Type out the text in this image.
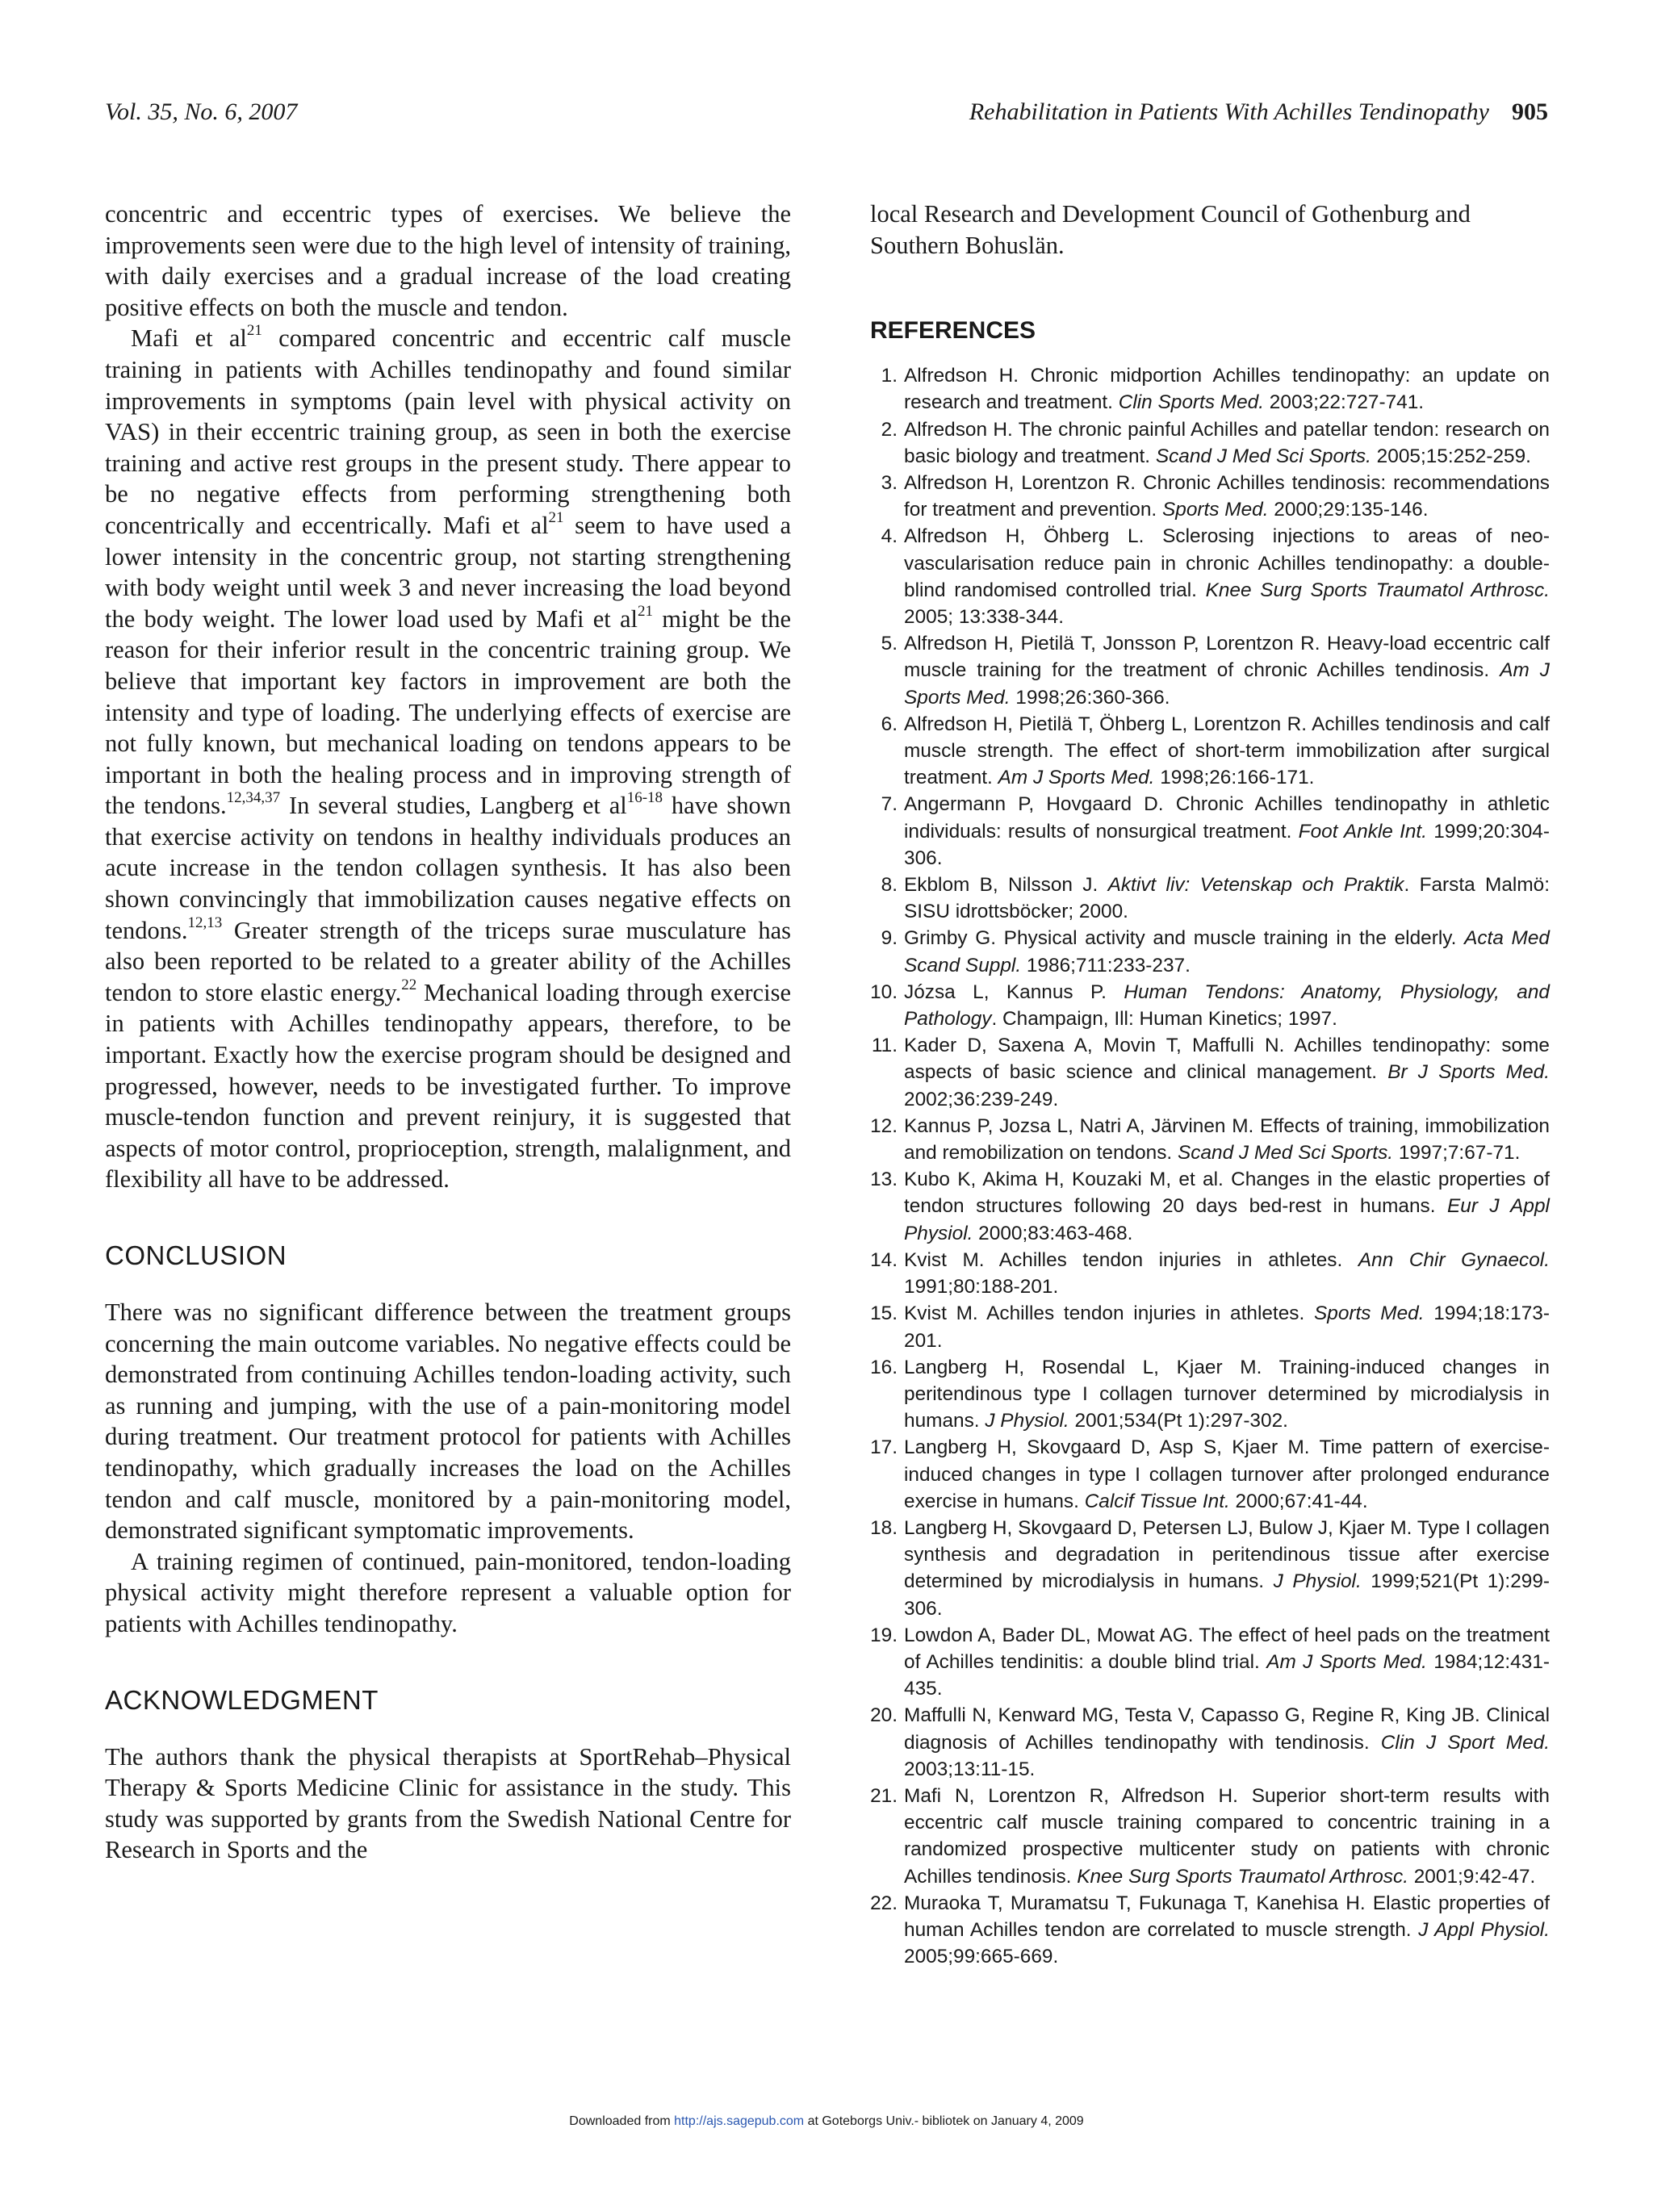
Vol. 35, No. 6, 2007	Rehabilitation in Patients With Achilles Tendinopathy 905

concentric and eccentric types of exercises. We believe the improvements seen were due to the high level of intensity of training, with daily exercises and a gradual increase of the load creating positive effects on both the muscle and tendon.

Mafi et $al^{21}$ compared concentric and eccentric calf muscle training in patients with Achilles tendinopathy and found similar improvements in symptoms (pain level with physical activity on VAS) in their eccentric training group, as seen in both the exercise training and active rest groups in the present study. There appear to be no negative effects from performing strengthening both concentrically and eccentrically. Mafi et $al^{21}$ seem to have used a lower intensity in the concentric group, not starting strengthening with body weight until week 3 and never increasing the load beyond the body weight. The lower load used by Mafi et $al^{21}$ might be the reason for their inferior result in the concentric training group. We believe that important key factors in improvement are both the intensity and type of loading. The underlying effects of exercise are not fully known, but mechanical loading on tendons appears to be important in both the healing process and in improving strength of the tendons.$^{12,34,37}$ In several studies, Langberg et $al^{16-18}$ have shown that exercise activity on tendons in healthy individuals produces an acute increase in the tendon collagen synthesis. It has also been shown convincingly that immobilization causes negative effects on tendons.$^{12,13}$ Greater strength of the triceps surae musculature has also been reported to be related to a greater ability of the Achilles tendon to store elastic energy.$^{22}$ Mechanical loading through exercise in patients with Achilles tendinopathy appears, therefore, to be important. Exactly how the exercise program should be designed and progressed, however, needs to be investigated further. To improve muscle-tendon function and prevent reinjury, it is suggested that aspects of motor control, proprioception, strength, malalignment, and flexibility all have to be addressed.

CONCLUSION

There was no significant difference between the treatment groups concerning the main outcome variables. No negative effects could be demonstrated from continuing Achilles tendon-loading activity, such as running and jumping, with the use of a pain-monitoring model during treatment. Our treatment protocol for patients with Achilles tendinopathy, which gradually increases the load on the Achilles tendon and calf muscle, monitored by a pain-monitoring model, demonstrated significant symptomatic improvements.

A training regimen of continued, pain-monitored, tendon-loading physical activity might therefore represent a valuable option for patients with Achilles tendinopathy.

ACKNOWLEDGMENT

The authors thank the physical therapists at SportRehab–Physical Therapy & Sports Medicine Clinic for assistance in the study. This study was supported by grants from the Swedish National Centre for Research in Sports and the

local Research and Development Council of Gothenburg and Southern Bohuslän.

REFERENCES
1. Alfredson H. Chronic midportion Achilles tendinopathy: an update on research and treatment. Clin Sports Med. 2003;22:727-741.
2. Alfredson H. The chronic painful Achilles and patellar tendon: research on basic biology and treatment. Scand J Med Sci Sports. 2005;15:252-259.
3. Alfredson H, Lorentzon R. Chronic Achilles tendinosis: recommendations for treatment and prevention. Sports Med. 2000;29:135-146.
4. Alfredson H, Öhberg L. Sclerosing injections to areas of neo-vascularisation reduce pain in chronic Achilles tendinopathy: a double-blind randomised controlled trial. Knee Surg Sports Traumatol Arthrosc. 2005; 13:338-344.
5. Alfredson H, Pietilä T, Jonsson P, Lorentzon R. Heavy-load eccentric calf muscle training for the treatment of chronic Achilles tendinosis. Am J Sports Med. 1998;26:360-366.
6. Alfredson H, Pietilä T, Öhberg L, Lorentzon R. Achilles tendinosis and calf muscle strength. The effect of short-term immobilization after surgical treatment. Am J Sports Med. 1998;26:166-171.
7. Angermann P, Hovgaard D. Chronic Achilles tendinopathy in athletic individuals: results of nonsurgical treatment. Foot Ankle Int. 1999;20:304-306.
8. Ekblom B, Nilsson J. Aktivt liv: Vetenskap och Praktik. Farsta Malmö: SISU idrottsböcker; 2000.
9. Grimby G. Physical activity and muscle training in the elderly. Acta Med Scand Suppl. 1986;711:233-237.
10. Józsa L, Kannus P. Human Tendons: Anatomy, Physiology, and Pathology. Champaign, Ill: Human Kinetics; 1997.
11. Kader D, Saxena A, Movin T, Maffulli N. Achilles tendinopathy: some aspects of basic science and clinical management. Br J Sports Med. 2002;36:239-249.
12. Kannus P, Jozsa L, Natri A, Järvinen M. Effects of training, immobilization and remobilization on tendons. Scand J Med Sci Sports. 1997;7:67-71.
13. Kubo K, Akima H, Kouzaki M, et al. Changes in the elastic properties of tendon structures following 20 days bed-rest in humans. Eur J Appl Physiol. 2000;83:463-468.
14. Kvist M. Achilles tendon injuries in athletes. Ann Chir Gynaecol. 1991;80:188-201.
15. Kvist M. Achilles tendon injuries in athletes. Sports Med. 1994;18:173-201.
16. Langberg H, Rosendal L, Kjaer M. Training-induced changes in peritendinous type I collagen turnover determined by microdialysis in humans. J Physiol. 2001;534(Pt 1):297-302.
17. Langberg H, Skovgaard D, Asp S, Kjaer M. Time pattern of exercise-induced changes in type I collagen turnover after prolonged endurance exercise in humans. Calcif Tissue Int. 2000;67:41-44.
18. Langberg H, Skovgaard D, Petersen LJ, Bulow J, Kjaer M. Type I collagen synthesis and degradation in peritendinous tissue after exercise determined by microdialysis in humans. J Physiol. 1999;521(Pt 1):299-306.
19. Lowdon A, Bader DL, Mowat AG. The effect of heel pads on the treatment of Achilles tendinitis: a double blind trial. Am J Sports Med. 1984;12:431-435.
20. Maffulli N, Kenward MG, Testa V, Capasso G, Regine R, King JB. Clinical diagnosis of Achilles tendinopathy with tendinosis. Clin J Sport Med. 2003;13:11-15.
21. Mafi N, Lorentzon R, Alfredson H. Superior short-term results with eccentric calf muscle training compared to concentric training in a randomized prospective multicenter study on patients with chronic Achilles tendinosis. Knee Surg Sports Traumatol Arthrosc. 2001;9:42-47.
22. Muraoka T, Muramatsu T, Fukunaga T, Kanehisa H. Elastic properties of human Achilles tendon are correlated to muscle strength. J Appl Physiol. 2005;99:665-669.
Downloaded from http://ajs.sagepub.com at Goteborgs Univ.- bibliotek on January 4, 2009
